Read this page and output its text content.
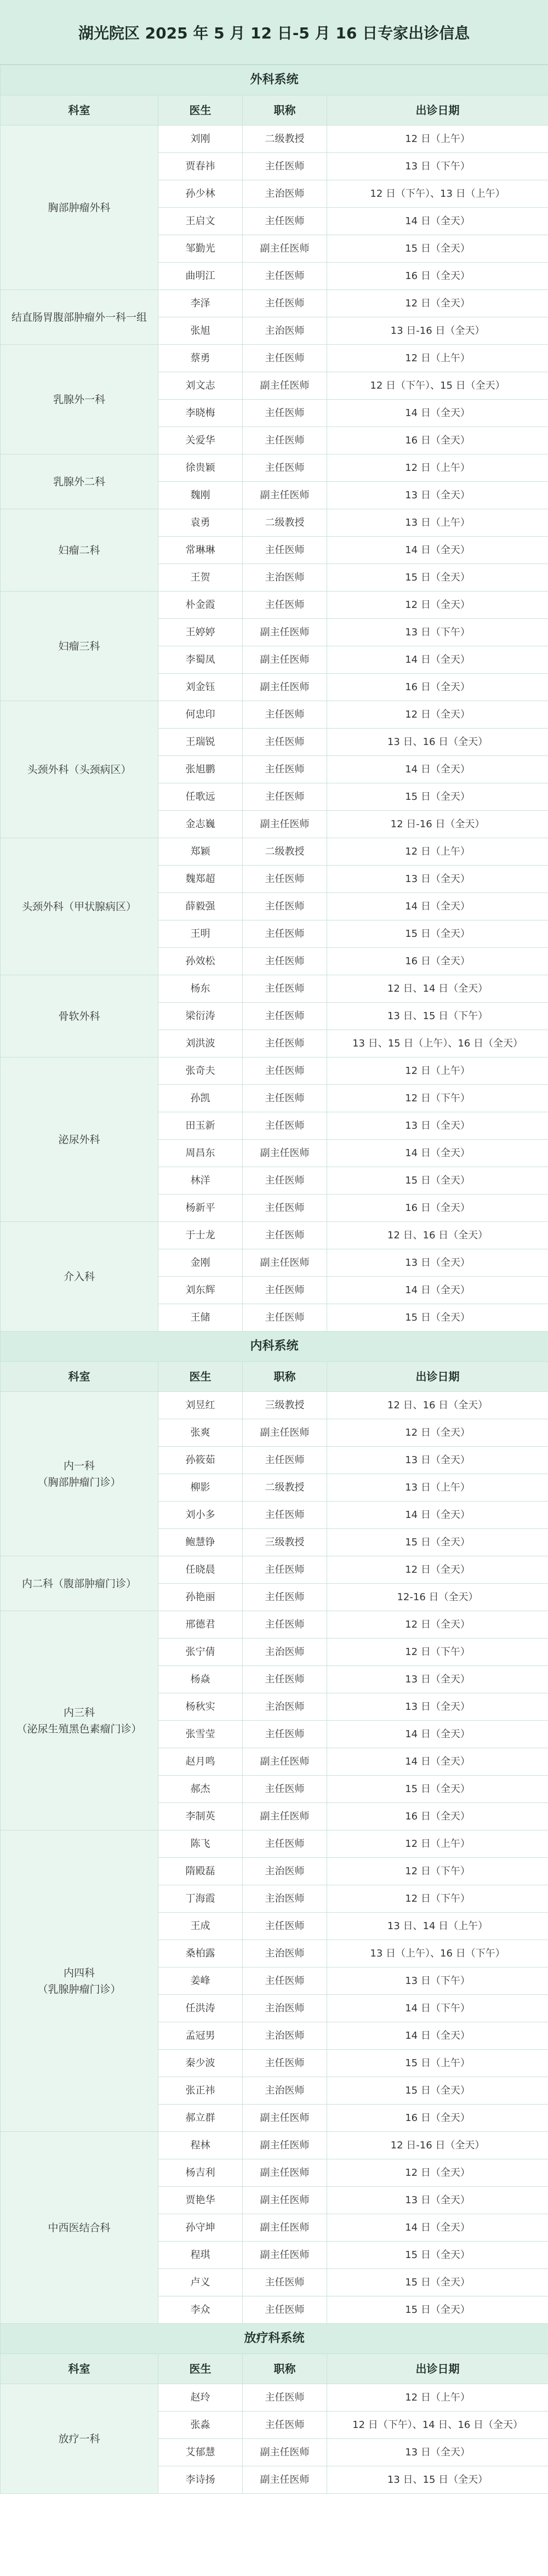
湖光院区 2025 年 5 月 12 日-5 月 16 日专家出诊信息
外科系统			
科室	医生	职称	出诊日期
胸部肿瘤外科	刘刚	二级教授	12 日（上午）
	贾春祎	主任医师	13 日（下午）
	孙少林	主治医师	12 日（下午）、13 日（上午）
	王启文	主任医师	14 日（全天）
	邹勤光	副主任医师	15 日（全天）
	曲明江	主任医师	16 日（全天）
结直肠胃腹部肿瘤外一科一组	李泽	主任医师	12 日（全天）
	张旭	主治医师	13 日-16 日（全天）
乳腺外一科	蔡勇	主任医师	12 日（上午）
	刘文志	副主任医师	12 日（下午）、15 日（全天）
	李晓梅	主任医师	14 日（全天）
	关爱华	主任医师	16 日（全天）
乳腺外二科	徐贵颖	主任医师	12 日（上午）
	魏刚	副主任医师	13 日（全天）
妇瘤二科	袁勇	二级教授	13 日（上午）
	常琳琳	主任医师	14 日（全天）
	王贺	主治医师	15 日（全天）
妇瘤三科	朴金霞	主任医师	12 日（全天）
	王婷婷	副主任医师	13 日（下午）
	李蜀凤	副主任医师	14 日（全天）
	刘金钰	副主任医师	16 日（全天）
头颈外科（头颈病区）	何忠印	主任医师	12 日（全天）
	王瑞锐	主任医师	13 日、16 日（全天）
	张旭鹏	主任医师	14 日（全天）
	任歌远	主任医师	15 日（全天）
	金志巍	副主任医师	12 日-16 日（全天）
头颈外科（甲状腺病区）	郑颖	二级教授	12 日（上午）
	魏郑超	主任医师	13 日（全天）
	薛毅强	主任医师	14 日（全天）
	王明	主任医师	15 日（全天）
	孙效松	主任医师	16 日（全天）
骨软外科	杨东	主任医师	12 日、14 日（全天）
	梁衍涛	主任医师	13 日、15 日（下午）
	刘洪波	主任医师	13 日、15 日（上午）、16 日（全天）
泌尿外科	张奇夫	主任医师	12 日（上午）
	孙凯	主任医师	12 日（下午）
	田玉新	主任医师	13 日（全天）
	周昌东	副主任医师	14 日（全天）
	林洋	主任医师	15 日（全天）
	杨新平	主任医师	16 日（全天）
介入科	于士龙	主任医师	12 日、16 日（全天）
	金刚	副主任医师	13 日（全天）
	刘东辉	主任医师	14 日（全天）
	王储	主任医师	15 日（全天）
内科系统			
科室	医生	职称	出诊日期
内一科
（胸部肿瘤门诊）	刘昱红	三级教授	12 日、16 日（全天）
	张爽	副主任医师	12 日（全天）
	孙筱茹	主任医师	13 日（全天）
	柳影	二级教授	13 日（上午）
	刘小多	主任医师	14 日（全天）
	鲍慧铮	三级教授	15 日（全天）
内二科（腹部肿瘤门诊）	任晓晨	主任医师	12 日（全天）
	孙艳丽	主任医师	12-16 日（全天）
内三科
（泌尿生殖黑色素瘤门诊）	邢德君	主任医师	12 日（全天）
	张宁倩	主治医师	12 日（下午）
	杨焱	主任医师	13 日（全天）
	杨秋实	主治医师	13 日（全天）
	张雪莹	主任医师	14 日（全天）
	赵月鸣	副主任医师	14 日（全天）
	郝杰	主任医师	15 日（全天）
	李制英	副主任医师	16 日（全天）
内四科
（乳腺肿瘤门诊）	陈飞	主任医师	12 日（上午）
	隋殿磊	主治医师	12 日（下午）
	丁海霞	主治医师	12 日（下午）
	王成	主任医师	13 日、14 日（上午）
	桑柏露	主治医师	13 日（上午）、16 日（下午）
	姜峰	主任医师	13 日（下午）
	任洪涛	主治医师	14 日（下午）
	孟冠男	主治医师	14 日（全天）
	秦少波	主任医师	15 日（上午）
	张正祎	主治医师	15 日（全天）
	郝立群	副主任医师	16 日（全天）
中西医结合科	程林	副主任医师	12 日-16 日（全天）
	杨吉利	副主任医师	12 日（全天）
	贾艳华	副主任医师	13 日（全天）
	孙守坤	副主任医师	14 日（全天）
	程琪	副主任医师	15 日（全天）
	卢义	主任医师	15 日（全天）
	李众	主任医师	15 日（全天）
放疗科系统			
科室	医生	职称	出诊日期
放疗一科	赵玲	主任医师	12 日（上午）
	张淼	主任医师	12 日（下午）、14 日、16 日（全天）
	艾郁慧	副主任医师	13 日（全天）
	李诗扬	副主任医师	13 日、15 日（全天）
